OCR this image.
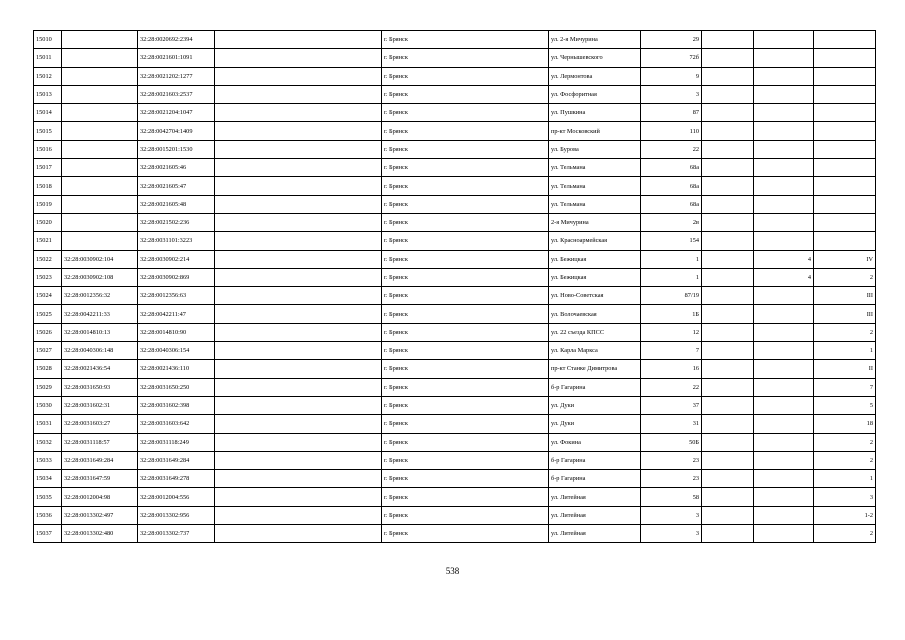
15010		32:28:0020692:2394		г. Брянск	ул. 2-я Мичурина	29			
15011		32:28:0021601:1091		г. Брянск	ул. Чернышевского	72б			
15012		32:28:0021202:1277		г. Брянск	ул. Лермонтова	9			
15013		32:28:0021603:2537		г. Брянск	ул. Фосфоритная	3			
15014		32:28:0021204:1047		г. Брянск	ул. Пушкина	87			
15015		32:28:0042704:1409		г. Брянск	пр-кт Московский	110			
15016		32:28:0015201:1530		г. Брянск	ул. Бурова	22			
15017		32:28:0021605:46		г. Брянск	ул. Тельмана	68а			
15018		32:28:0021605:47		г. Брянск	ул. Тельмана	68а			
15019		32:28:0021605:48		г. Брянск	ул. Тельмана	68а			
15020		32:28:0021502:236		г. Брянск	2-я Мичурина	2в			
15021		32:28:0031101:3223		г. Брянск	ул. Красноармейская	154			
15022	32:28:0030902:104	32:28:0030902:214		г. Брянск	ул. Бежицкая	1		4	IV
15023	32:28:0030902:108	32:28:0030902:869		г. Брянск	ул. Бежицкая	1		4	2
15024	32:28:0012356:32	32:28:0012356:63		г. Брянск	ул. Ново-Советская	87/19			III
15025	32:28:0042211:33	32:28:0042211:47		г. Брянск	ул. Волочаевская	1Б			III
15026	32:28:0014810:13	32:28:0014810:90		г. Брянск	ул. 22 съезда КПСС	12			2
15027	32:28:0040306:148	32:28:0040306:154		г. Брянск	ул. Карла Маркса	7			1
15028	32:28:0021436:54	32:28:0021436:110		г. Брянск	пр-кт Станке Димитрова	16			II
15029	32:28:0031650:93	32:28:0031650:250		г. Брянск	б-р Гагарина	22			7
15030	32:28:0031602:31	32:28:0031602:398		г. Брянск	ул. Дуки	37			5
15031	32:28:0031603:27	32:28:0031603:642		г. Брянск	ул. Дуки	31			18
15032	32:28:0031118:57	32:28:0031118:249		г. Брянск	ул. Фокина	50Б			2
15033	32:28:0031649:284	32:28:0031649:284		г. Брянск	б-р Гагарина	23			2
15034	32:28:0031647:59	32:28:0031649:278		г. Брянск	б-р Гагарина	23			1
15035	32:28:0012004:98	32:28:0012004:556		г. Брянск	ул. Литейная	58			3
15036	32:28:0013302:497	32:28:0013302:956		г. Брянск	ул. Литейная	3			1-2
15037	32:28:0013302:480	32:28:0013302:737		г. Брянск	ул. Литейная	3			2
538
